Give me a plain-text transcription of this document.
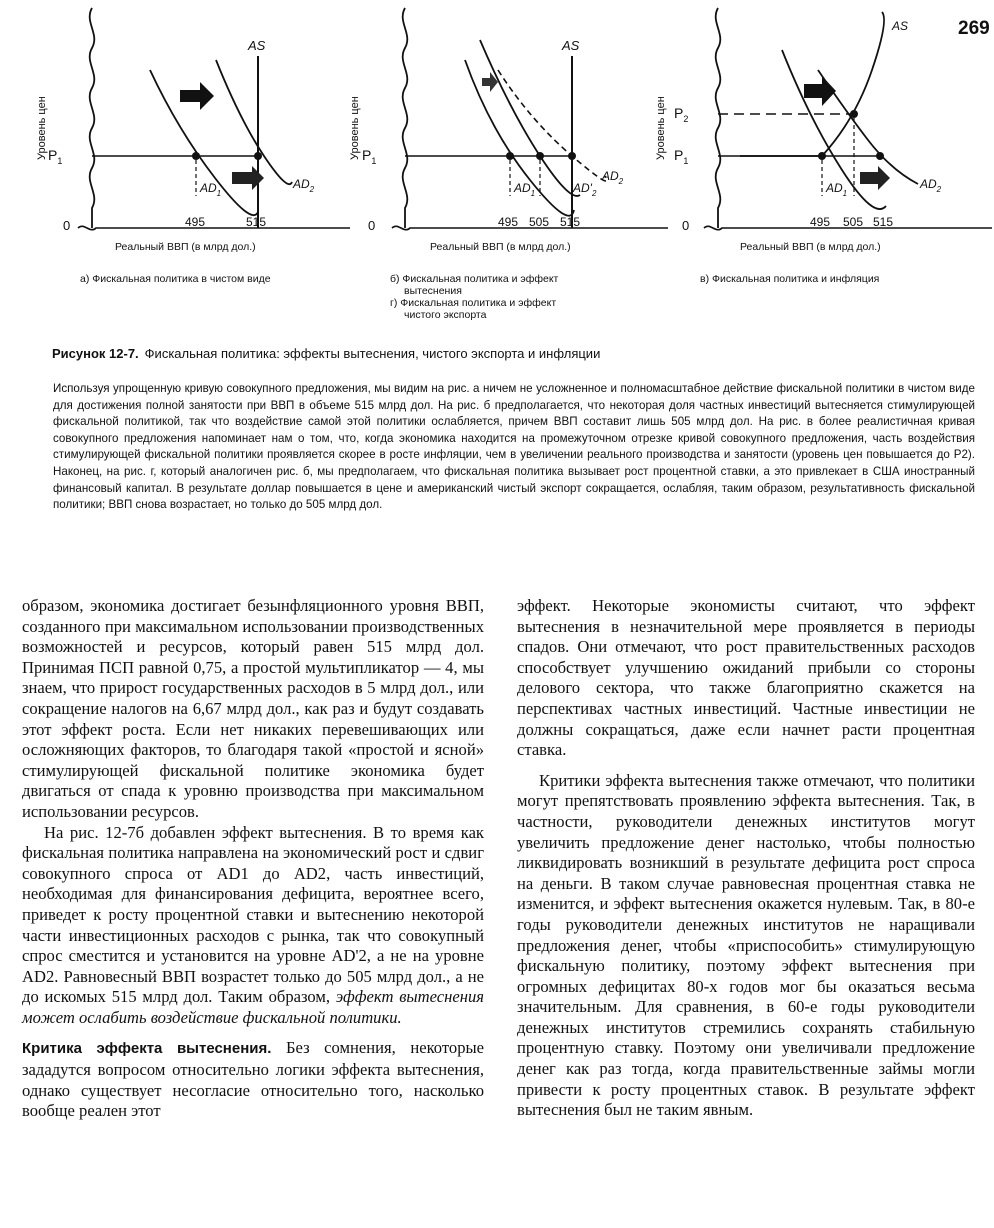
269
Уровень цен $P_1$
0
AS
$AD_1$
$AD_2$
495	515
Реальный ВВП (в млрд дол.)
а) Фискальная политика в чистом виде
Уровень цен $P_1$
0
AS
$AD_1$	$AD'_2$
$AD_2$
495 505 515
Реальный ВВП (в млрд дол.)
б) Фискальная политика и эффект
вытеснения
г) Фискальная политика и эффект
чистого экспорта
Уровень цен $P_2$
$P_1$
0
AS
$AD_1$
$AD_2$
495 505 515
Реальный ВВП (в млрд дол.)
в) Фискальная политика и инфляция
Рисунок 12-7. Фискальная политика: эффекты вытеснения, чистого экспорта и инфляции
Используя упрощенную кривую совокупного предложения, мы видим на рис. а ничем не усложненное и полномасштабное действие фискальной политики в чистом виде для достижения полной занятости при ВВП в объеме 515 млрд дол. На рис. б предполагается, что некоторая доля частных инвестиций вытесняется стимулирующей фискальной политикой, так что воздействие самой этой политики ослабляется, причем ВВП составит лишь 505 млрд дол. На рис. в более реалистичная кривая совокупного предложения напоминает нам о том, что, когда экономика находится на промежуточном отрезке кривой совокупного предложения, часть воздействия стимулирующей фискальной политики проявляется скорее в росте инфляции, чем в увеличении реального производства и занятости (уровень цен повышается до P2). Наконец, на рис. г, который аналогичен рис. б, мы предполагаем, что фискальная политика вызывает рост процентной ставки, а это привлекает в США иностранный финансовый капитал. В результате доллар повышается в цене и американский чистый экспорт сокращается, ослабляя, таким образом, результативность фискальной политики; ВВП снова возрастает, но только до 505 млрд дол.

образом, экономика достигает безынфляционного уровня ВВП, созданного при максимальном использовании производственных возможностей и ресурсов, который равен 515 млрд дол. Принимая ПСП равной 0,75, а простой мультипликатор — 4, мы знаем, что прирост государственных расходов в 5 млрд дол., или сокращение налогов на 6,67 млрд дол., как раз и будут создавать этот эффект роста. Если нет никаких перевешивающих или осложняющих факторов, то благодаря такой «простой и ясной» стимулирующей фискальной политике экономика будет двигаться от спада к уровню производства при максимальном использовании ресурсов.

На рис. 12-7б добавлен эффект вытеснения. В то время как фискальная политика направлена на экономический рост и сдвиг совокупного спроса от AD1 до AD2, часть инвестиций, необходимая для финансирования дефицита, вероятнее всего, приведет к росту процентной ставки и вытеснению некоторой части инвестиционных расходов с рынка, так что совокупный спрос сместится и установится на уровне AD'2, а не на уровне AD2. Равновесный ВВП возрастет только до 505 млрд дол., а не до искомых 515 млрд дол. Таким образом, эффект вытеснения может ослабить воздействие фискальной политики.

Критика эффекта вытеснения. Без сомнения, некоторые зададутся вопросом относительно логики эффекта вытеснения, однако существует несогласие относительно того, насколько вообще реален этот

эффект. Некоторые экономисты считают, что эффект вытеснения в незначительной мере проявляется в периоды спадов. Они отмечают, что рост правительственных расходов способствует улучшению ожиданий прибыли со стороны делового сектора, что также благоприятно скажется на перспективах частных инвестиций. Частные инвестиции не должны сокращаться, даже если начнет расти процентная ставка.

Критики эффекта вытеснения также отмечают, что политики могут препятствовать проявлению эффекта вытеснения. Так, в частности, руководители денежных институтов могут увеличить предложение денег настолько, чтобы полностью ликвидировать возникший в результате дефицита рост спроса на деньги. В таком случае равновесная процентная ставка не изменится, и эффект вытеснения окажется нулевым. Так, в 80-е годы руководители денежных институтов не наращивали предложения денег, чтобы «приспособить» стимулирующую фискальную политику, поэтому эффект вытеснения при огромных дефицитах 80-х годов мог бы оказаться весьма значительным. Для сравнения, в 60-е годы руководители денежных институтов стремились сохранять стабильную процентную ставку. Поэтому они увеличивали предложение денег как раз тогда, когда правительственные займы могли привести к росту процентных ставок. В результате эффект вытеснения был не таким явным.
